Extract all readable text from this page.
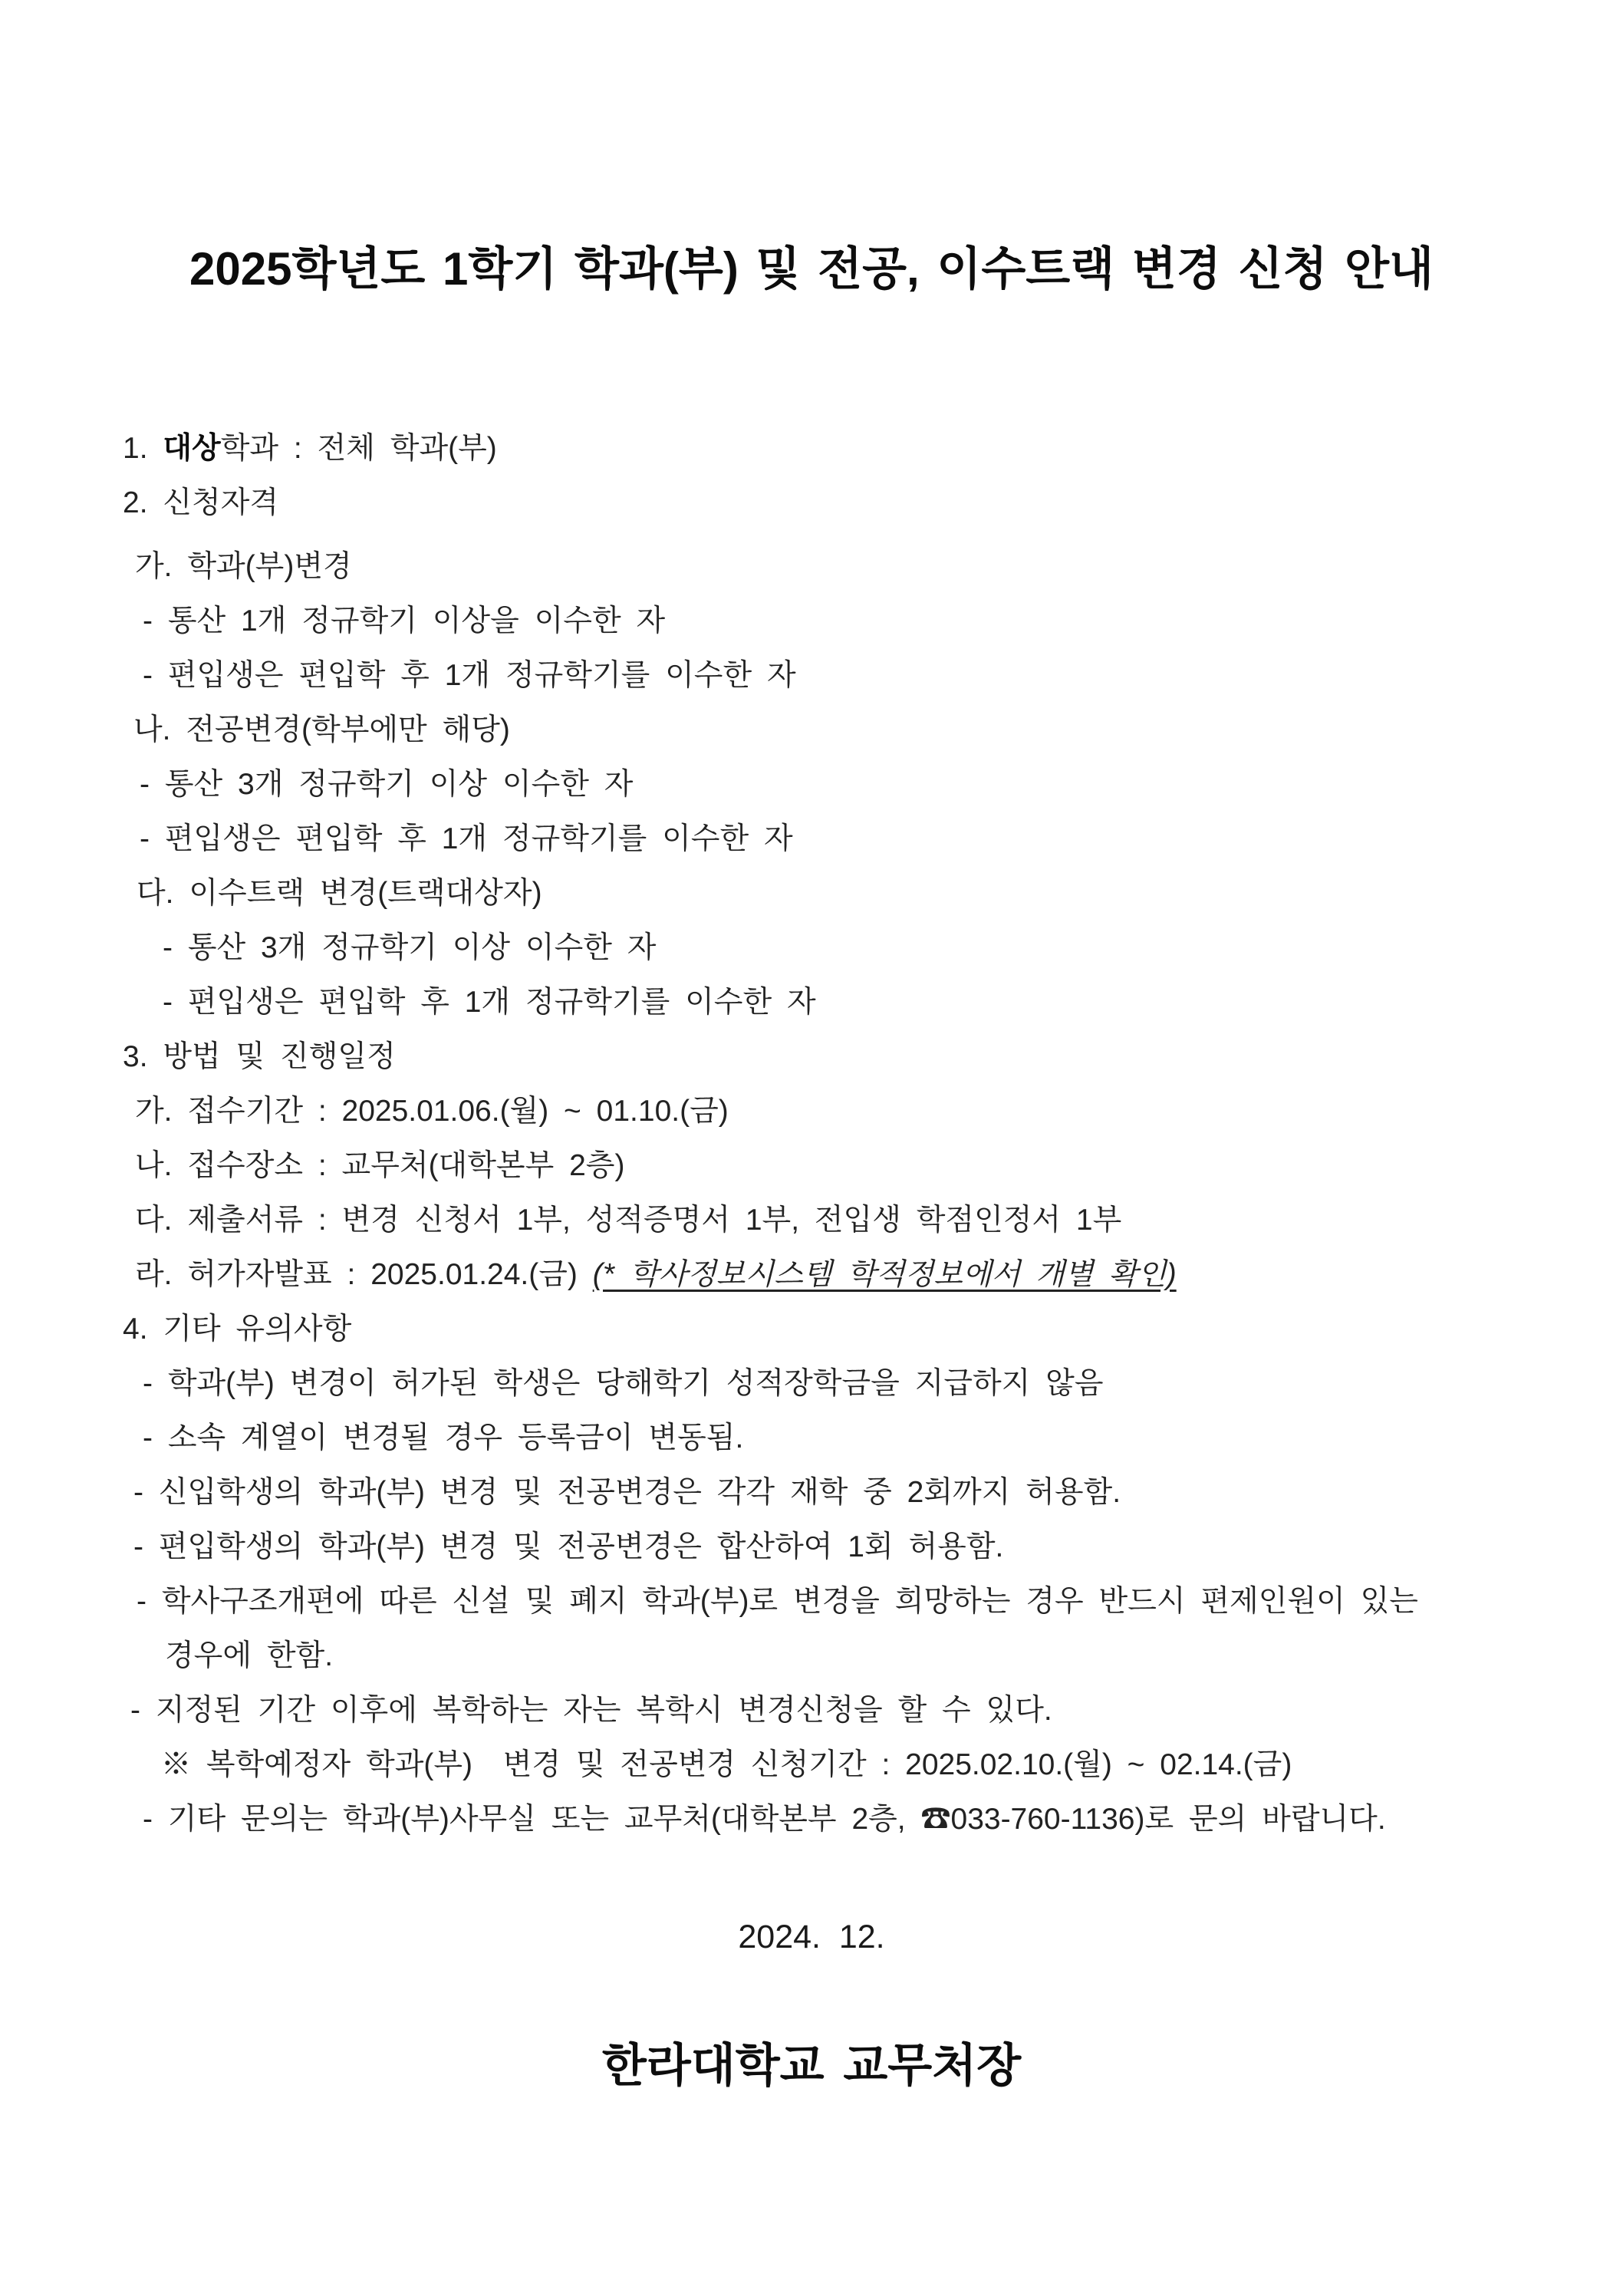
2025학년도 1학기 학과(부) 및 전공, 이수트랙 변경 신청 안내
1. 대상학과 : 전체 학과(부)
2. 신청자격
가. 학과(부)변경
- 통산 1개 정규학기 이상을 이수한 자
- 편입생은 편입학 후 1개 정규학기를 이수한 자
나. 전공변경(학부에만 해당)
- 통산 3개 정규학기 이상 이수한 자
- 편입생은 편입학 후 1개 정규학기를 이수한 자
다. 이수트랙 변경(트랙대상자)
- 통산 3개 정규학기 이상 이수한 자
- 편입생은 편입학 후 1개 정규학기를 이수한 자
3. 방법 및 진행일정
가. 접수기간 : 2025.01.06.(월) ~ 01.10.(금)
나. 접수장소 : 교무처(대학본부 2층)
다. 제출서류 : 변경 신청서 1부, 성적증명서 1부, 전입생 학점인정서 1부
라. 허가자발표 : 2025.01.24.(금) (* 학사정보시스템 학적정보에서 개별 확인)
4. 기타 유의사항
- 학과(부) 변경이 허가된 학생은 당해학기 성적장학금을 지급하지 않음
- 소속 계열이 변경될 경우 등록금이 변동됨.
- 신입학생의 학과(부) 변경 및 전공변경은 각각 재학 중 2회까지 허용함.
- 편입학생의 학과(부) 변경 및 전공변경은 합산하여 1회 허용함.
- 학사구조개편에 따른 신설 및 폐지 학과(부)로 변경을 희망하는 경우 반드시 편제인원이 있는
경우에 한함.
- 지정된 기간 이후에 복학하는 자는 복학시 변경신청을 할 수 있다.
※ 복학예정자 학과(부)  변경 및 전공변경 신청기간 : 2025.02.10.(월) ~ 02.14.(금)
- 기타 문의는 학과(부)사무실 또는 교무처(대학본부 2층, ☎033-760-1136)로 문의 바랍니다.
2024.  12.
한라대학교 교무처장
